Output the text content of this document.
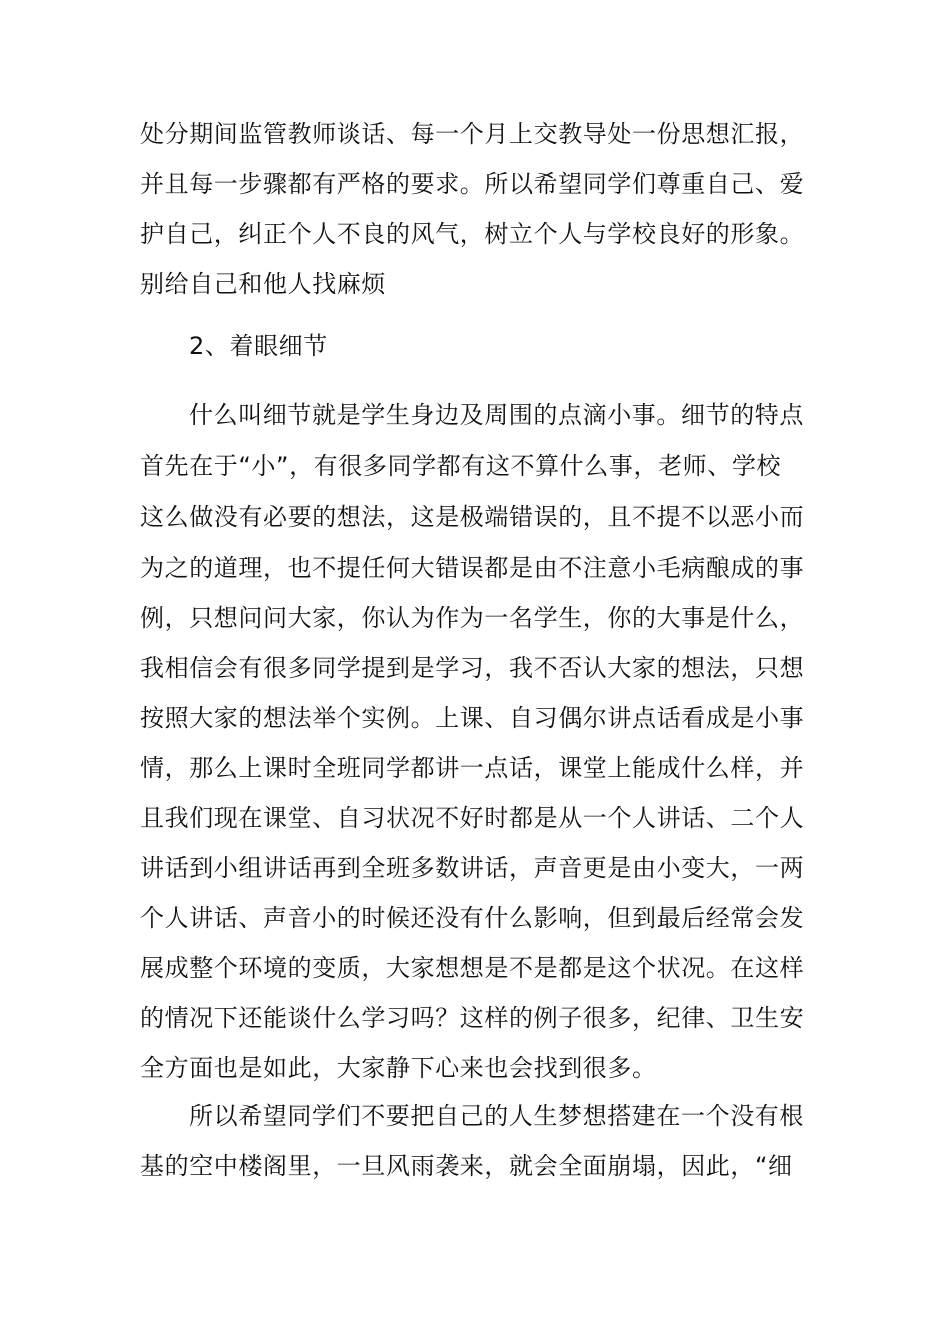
处分期间监管教师谈话、每一个月上交教导处一份思想汇报，
并且每一步骤都有严格的要求。所以希望同学们尊重自己、爱
护自己，纠正个人不良的风气，树立个人与学校良好的形象。
别给自己和他人找麻烦
2、着眼细节
什么叫细节就是学生身边及周围的点滴小事。细节的特点
首先在于“小”，有很多同学都有这不算什么事，老师、学校
这么做没有必要的想法，这是极端错误的，且不提不以恶小而
为之的道理，也不提任何大错误都是由不注意小毛病酿成的事
例，只想问问大家，你认为作为一名学生，你的大事是什么，
我相信会有很多同学提到是学习，我不否认大家的想法，只想
按照大家的想法举个实例。上课、自习偶尔讲点话看成是小事
情，那么上课时全班同学都讲一点话，课堂上能成什么样，并
且我们现在课堂、自习状况不好时都是从一个人讲话、二个人
讲话到小组讲话再到全班多数讲话，声音更是由小变大，一两
个人讲话、声音小的时候还没有什么影响，但到最后经常会发
展成整个环境的变质，大家想想是不是都是这个状况。在这样
的情况下还能谈什么学习吗？这样的例子很多，纪律、卫生安
全方面也是如此，大家静下心来也会找到很多。
所以希望同学们不要把自己的人生梦想搭建在一个没有根
基的空中楼阁里，一旦风雨袭来，就会全面崩塌，因此，“细
